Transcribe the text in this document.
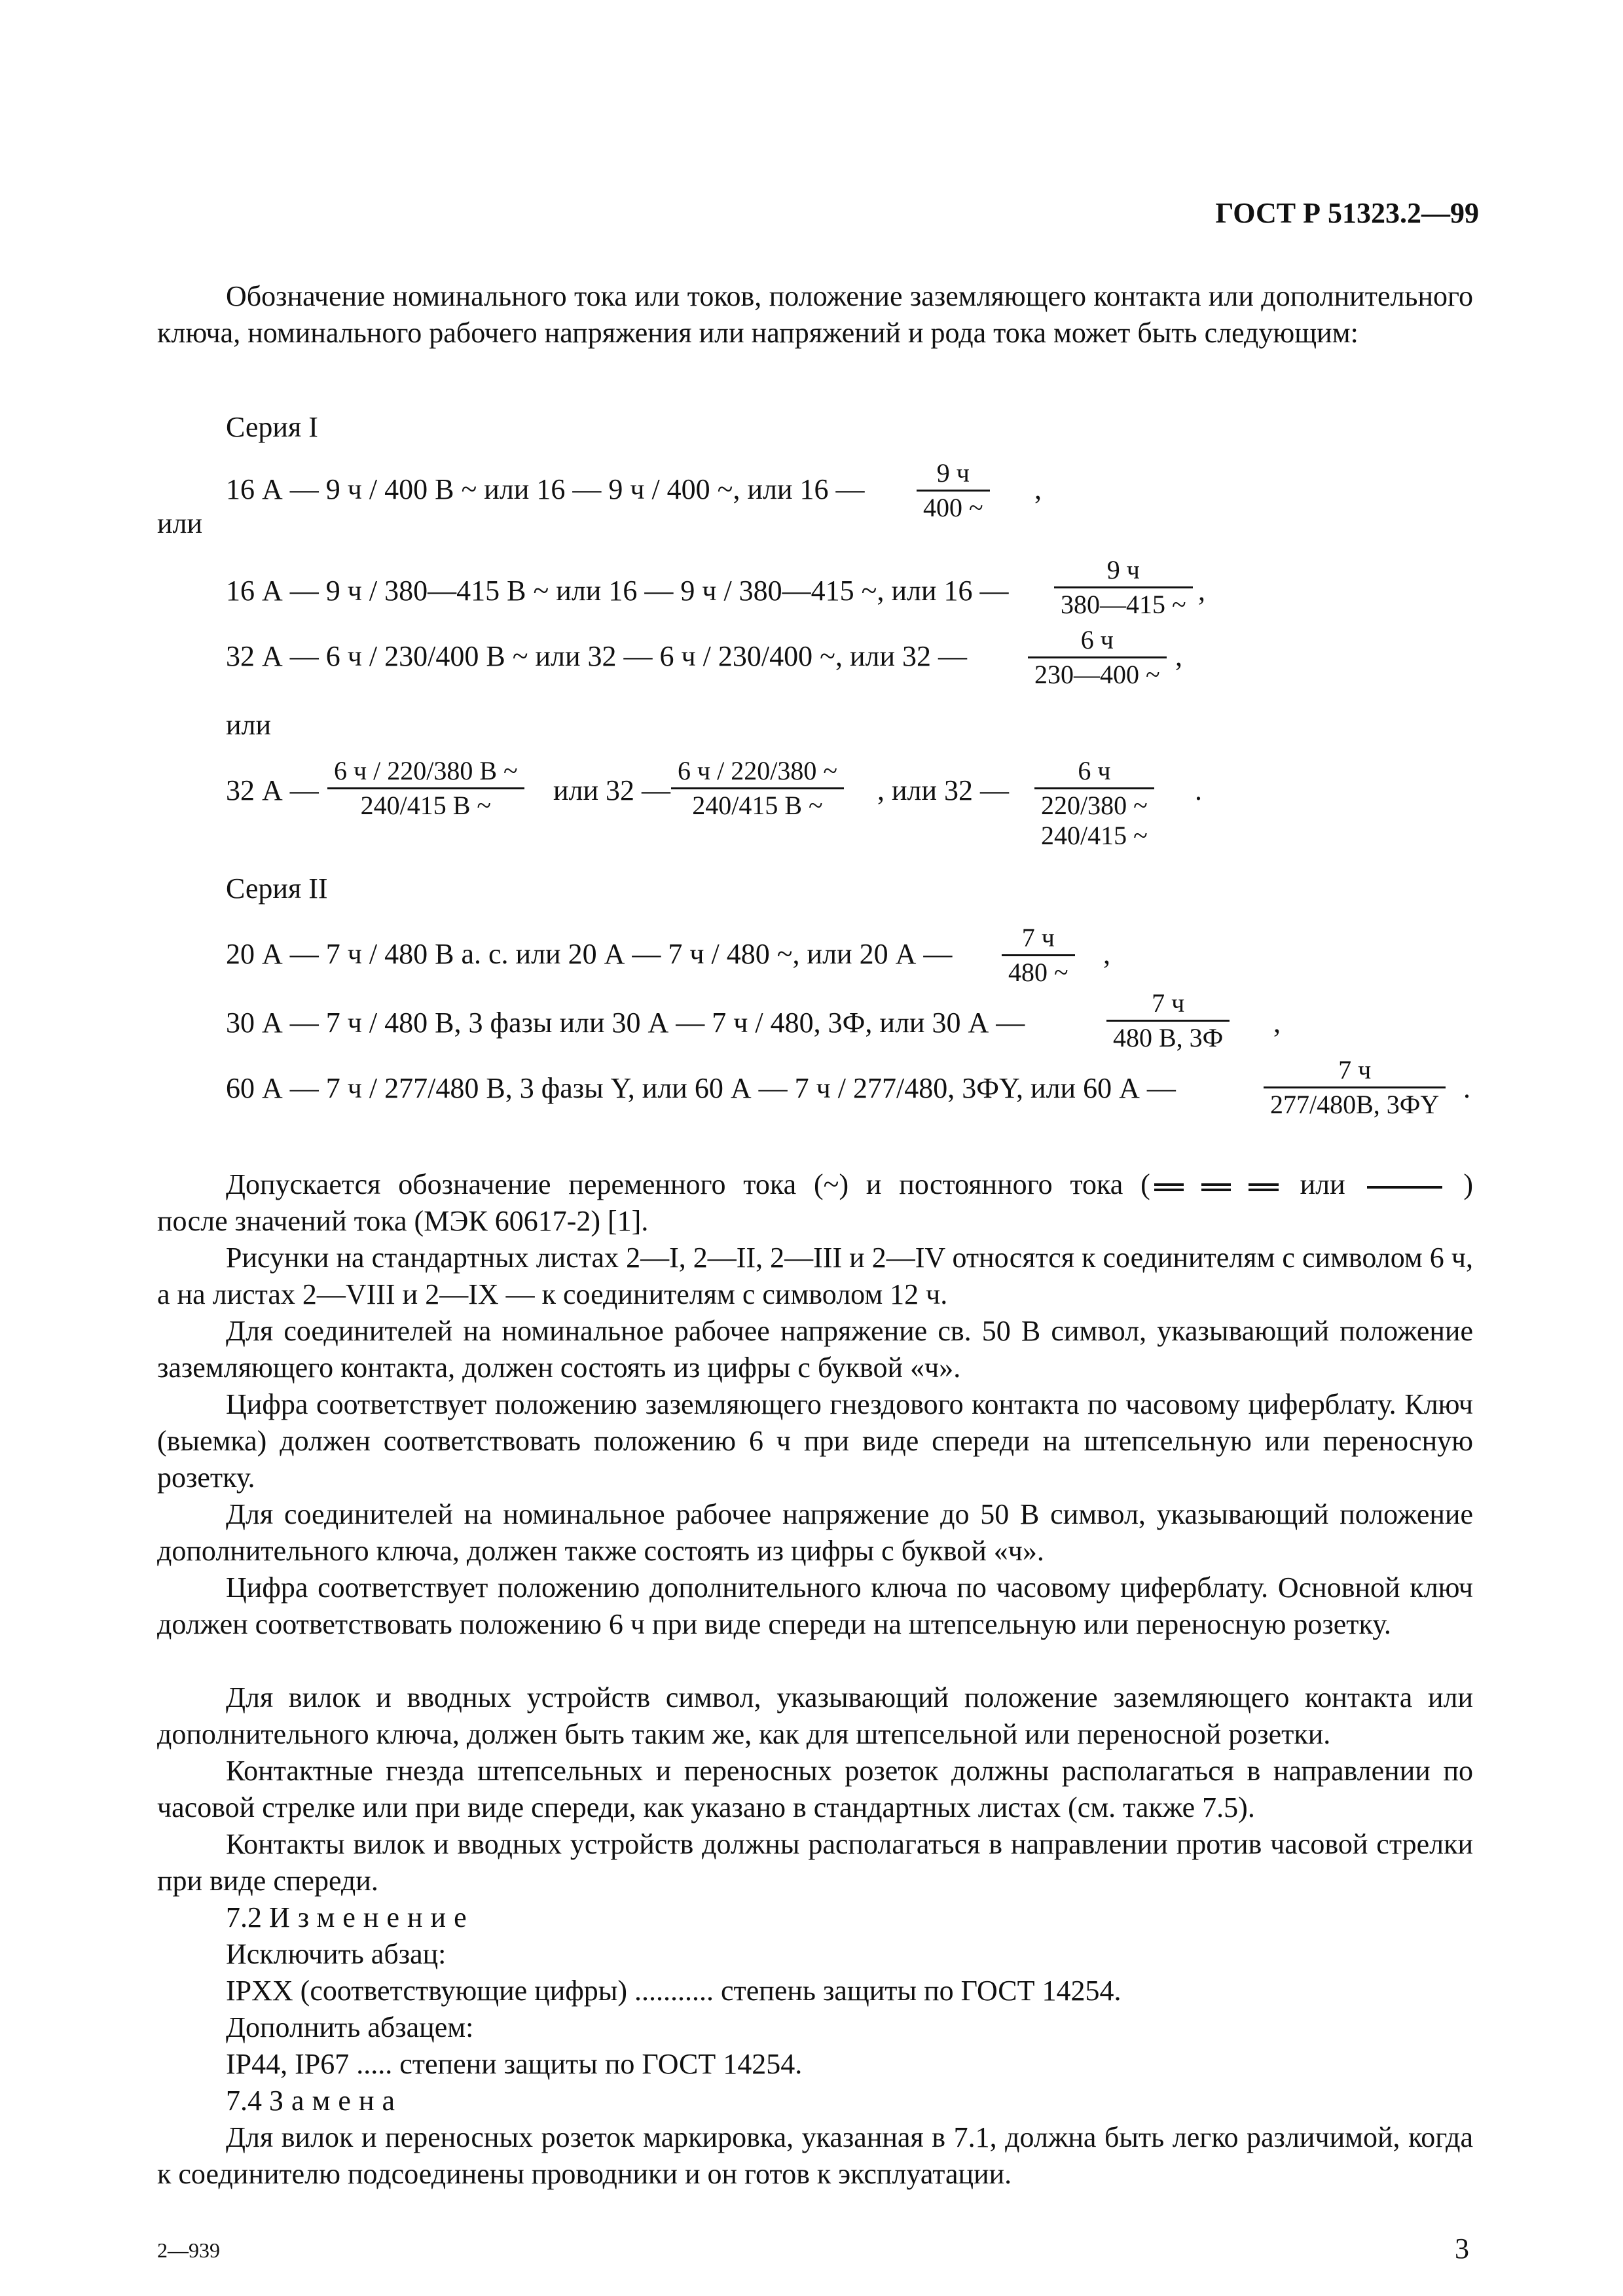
ГОСТ Р 51323.2—99
Обозначение номинального тока или токов, положение заземляющего контакта или дополнительного ключа, номинального рабочего напряжения или напряжений и рода тока может быть следующим:
Серия I
16 А — 9 ч / 400 В ~ или 16 — 9 ч / 400 ~, или 16 —
9 ч
400 ~
,
или
16 А — 9 ч / 380—415 В ~ или 16 — 9 ч / 380—415 ~, или 16 —
9 ч
380—415 ~ ,
32 А — 6 ч / 230/400 В ~ или 32 — 6 ч / 230/400 ~, или 32 —
6 ч
230—400 ~
,
или
32 А —
6 ч / 220/380 В ~
240/415 В ~	или 32 —
6 ч / 220/380 ~
240/415 В ~	, или 32 —
6 ч
220/380 ~
240/415 ~
.
Серия II
20 А — 7 ч / 480 В а. с. или 20 А — 7 ч / 480 ~, или 20 А —
7 ч
480 ~
,
30 А — 7 ч / 480 В, 3 фазы или 30 А — 7 ч / 480, 3Ф, или 30 А —
7 ч
480 В, 3Ф ,
60 А — 7 ч / 277/480 В, 3 фазы Y, или 60 А — 7 ч / 277/480, 3ФY, или 60 А —
7 ч
277/480В, 3ФY
.
Допускается обозначение переменного тока (~) и постоянного тока (	или	)
после значений тока (МЭК 60617-2) [1].
Рисунки на стандартных листах 2—I, 2—II, 2—III и 2—IV относятся к соединителям с символом 6 ч, а на листах 2—VIII и 2—IX — к соединителям с символом 12 ч.
Для соединителей на номинальное рабочее напряжение св. 50 В символ, указывающий положение заземляющего контакта, должен состоять из цифры с буквой «ч».
Цифра соответствует положению заземляющего гнездового контакта по часовому циферблату. Ключ (выемка) должен соответствовать положению 6 ч при виде спереди на штепсельную или переносную розетку.
Для соединителей на номинальное рабочее напряжение до 50 В символ, указывающий положение дополнительного ключа, должен также состоять из цифры с буквой «ч».
Цифра соответствует положению дополнительного ключа по часовому циферблату. Основной ключ должен соответствовать положению 6 ч при виде спереди на штепсельную или переносную розетку.
Для вилок и вводных устройств символ, указывающий положение заземляющего контакта или дополнительного ключа, должен быть таким же, как для штепсельной или переносной розетки.
Контактные гнезда штепсельных и переносных розеток должны располагаться в направлении по часовой стрелке или при виде спереди, как указано в стандартных листах (см. также 7.5).
Контакты вилок и вводных устройств должны располагаться в направлении против часовой стрелки при виде спереди.
7.2 Изменение
Исключить абзац:
IPXX (соответствующие цифры) ........... степень защиты по ГОСТ 14254.
Дополнить абзацем:
IP44, IP67 ..... степени защиты по ГОСТ 14254.
7.4 Замена
Для вилок и переносных розеток маркировка, указанная в 7.1, должна быть легко различимой, когда к соединителю подсоединены проводники и он готов к эксплуатации.
2—939	3
